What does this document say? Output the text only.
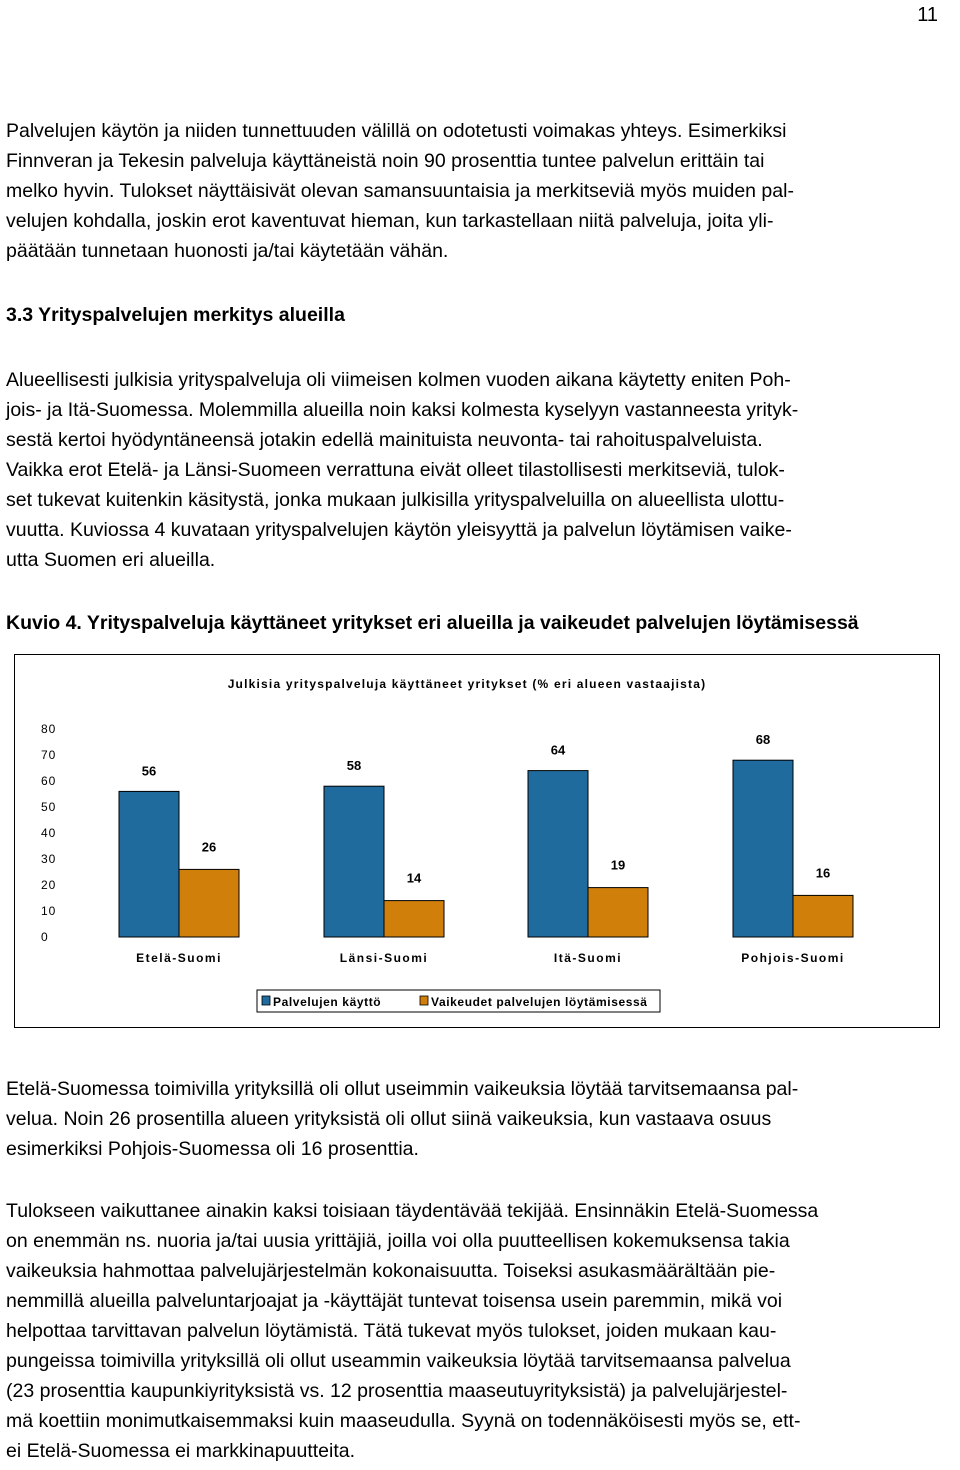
11

Palvelujen käytön ja niiden tunnettuuden välillä on odotetusti voimakas yhteys. Esimerkiksi
Finnveran ja Tekesin palveluja käyttäneistä noin 90 prosenttia tuntee palvelun erittäin tai
melko hyvin. Tulokset näyttäisivät olevan samansuuntaisia ja merkitseviä myös muiden pal-
velujen kohdalla, joskin erot kaventuvat hieman, kun tarkastellaan niitä palveluja, joita yli-
päätään tunnetaan huonosti ja/tai käytetään vähän.

3.3 Yrityspalvelujen merkitys alueilla

Alueellisesti julkisia yrityspalveluja oli viimeisen kolmen vuoden aikana käytetty eniten Poh-
jois- ja Itä-Suomessa. Molemmilla alueilla noin kaksi kolmesta kyselyyn vastanneesta yrityk-
sestä kertoi hyödyntäneensä jotakin edellä mainituista neuvonta- tai rahoituspalveluista.
Vaikka erot Etelä- ja Länsi-Suomeen verrattuna eivät olleet tilastollisesti merkitseviä, tulok-
set tukevat kuitenkin käsitystä, jonka mukaan julkisilla yrityspalveluilla on alueellista ulottu-
vuutta. Kuviossa 4 kuvataan yrityspalvelujen käytön yleisyyttä ja palvelun löytämisen vaike-
utta Suomen eri alueilla.

Kuvio 4. Yrityspalveluja käyttäneet yritykset eri alueilla ja vaikeudet palvelujen löytämisessä
Julkisia yrityspalveluja käyttäneet yritykset (% eri alueen vastaajista)
0
10
20
30
40
50
60
70
80
56
26
Etelä-Suomi
58
14
Länsi-Suomi
64
19
Itä-Suomi
68
16
Pohjois-Suomi
Palvelujen käyttö	Vaikeudet palvelujen löytämisessä

Etelä-Suomessa toimivilla yrityksillä oli ollut useimmin vaikeuksia löytää tarvitsemaansa pal-
velua. Noin 26 prosentilla alueen yrityksistä oli ollut siinä vaikeuksia, kun vastaava osuus
esimerkiksi Pohjois-Suomessa oli 16 prosenttia.

Tulokseen vaikuttanee ainakin kaksi toisiaan täydentävää tekijää. Ensinnäkin Etelä-Suomessa
on enemmän ns. nuoria ja/tai uusia yrittäjiä, joilla voi olla puutteellisen kokemuksensa takia
vaikeuksia hahmottaa palvelujärjestelmän kokonaisuutta. Toiseksi asukasmäärältään pie-
nemmillä alueilla palveluntarjoajat ja -käyttäjät tuntevat toisensa usein paremmin, mikä voi
helpottaa tarvittavan palvelun löytämistä. Tätä tukevat myös tulokset, joiden mukaan kau-
pungeissa toimivilla yrityksillä oli ollut useammin vaikeuksia löytää tarvitsemaansa palvelua
(23 prosenttia kaupunkiyrityksistä vs. 12 prosenttia maaseutuyrityksistä) ja palvelujärjestel-
mä koettiin monimutkaisemmaksi kuin maaseudulla. Syynä on todennäköisesti myös se, ett-
ei Etelä-Suomessa ei markkinapuutteita.
